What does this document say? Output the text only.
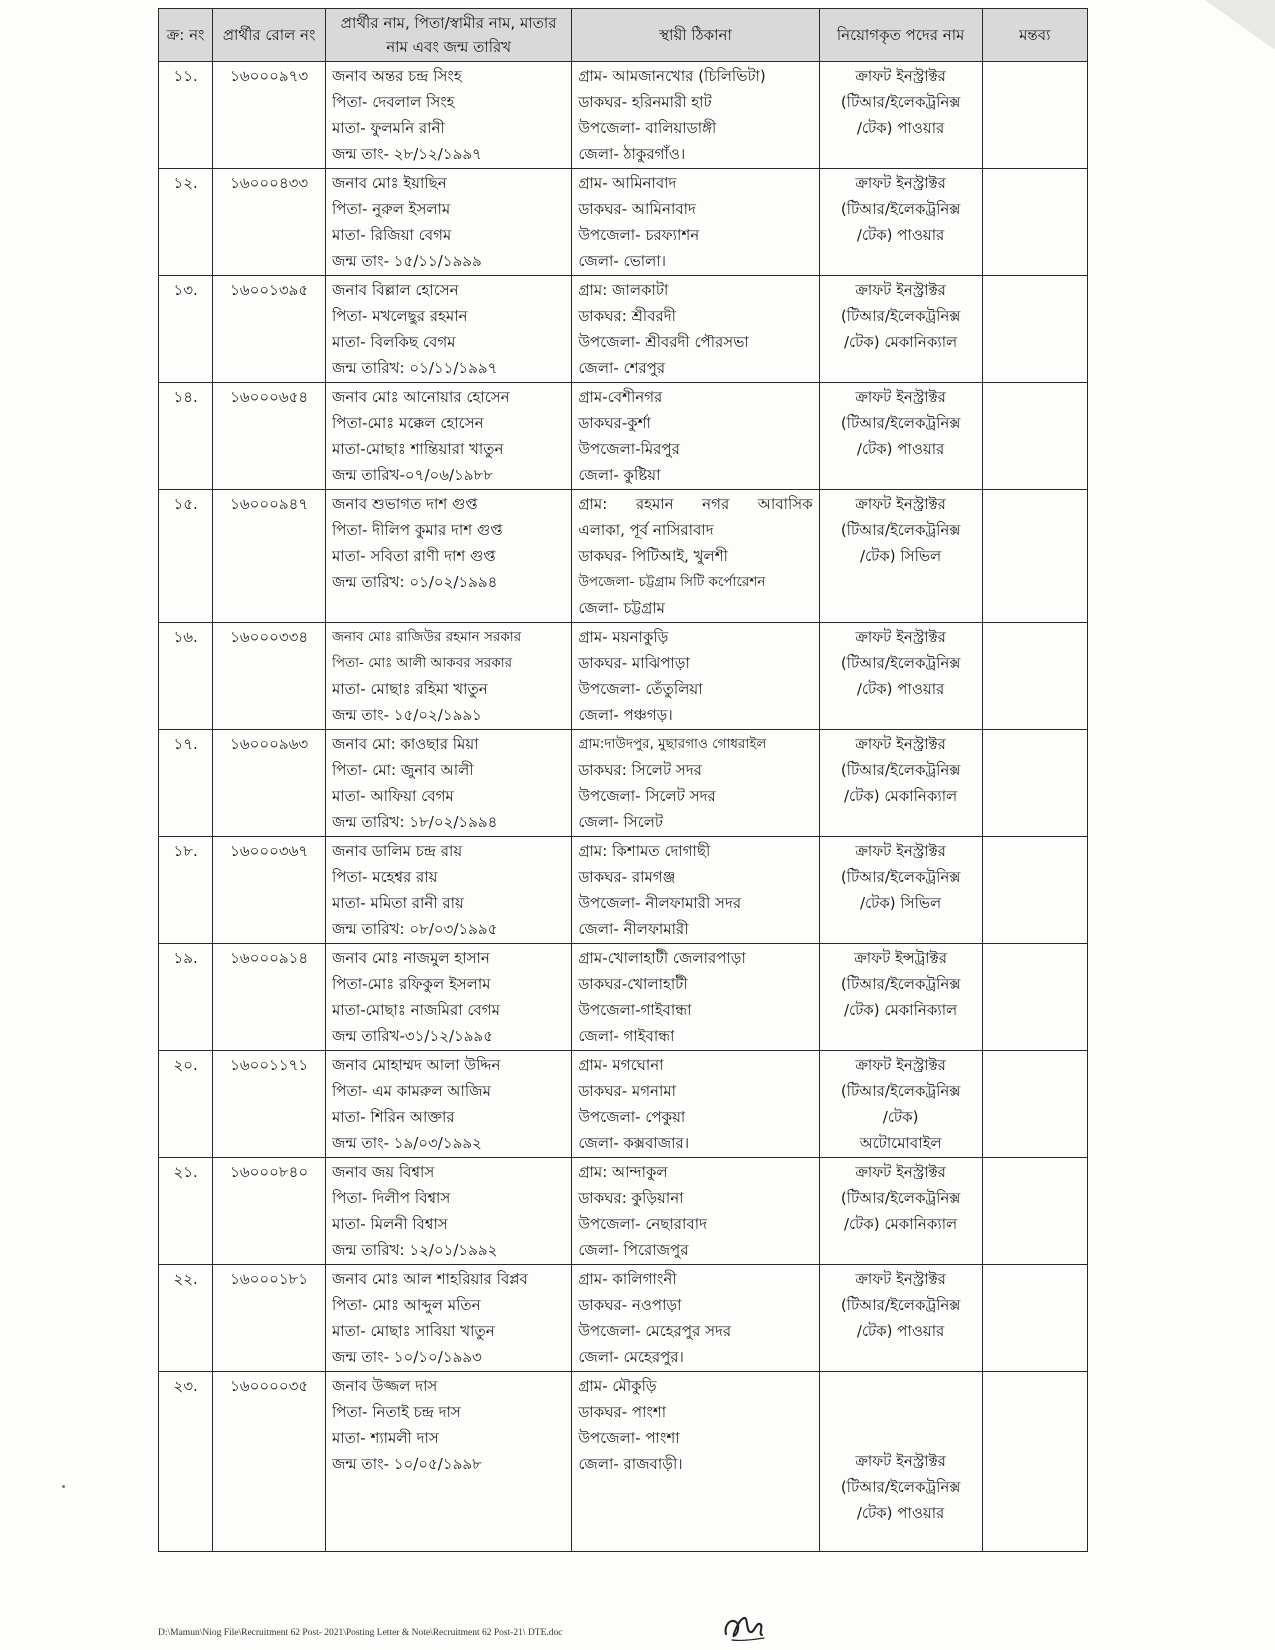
ক্র: নং	প্রার্থীর রোল নং	প্রার্থীর নাম, পিতা/স্বামীর নাম, মাতার নাম এবং জন্ম তারিখ	স্থায়ী ঠিকানা	নিয়োগকৃত পদের নাম	মন্তব্য
১১.	১৬০০০৯৭৩	জনাব অন্তর চন্দ্র সিংহ
পিতা- দেবলাল সিংহ
মাতা- ফুলমনি রানী
জন্ম তাং- ২৮/১২/১৯৯৭	গ্রাম- আমজানখোর (চিলিভিটা)
ডাকঘর- হরিনমারী হাট
উপজেলা- বালিয়াডাঙ্গী
জেলা- ঠাকুরগাঁও।	ক্রাফট ইনস্ট্রাক্টর
(টিআর/ইলেকট্রনিক্স
/টেক) পাওয়ার	

১২.	১৬০০০৪৩৩	জনাব মোঃ ইয়াছিন
পিতা- নুরুল ইসলাম
মাতা- রিজিয়া বেগম
জন্ম তাং- ১৫/১১/১৯৯৯	গ্রাম- আমিনাবাদ
ডাকঘর- আমিনাবাদ
উপজেলা- চরফ্যাশন
জেলা- ভোলা।	ক্রাফট ইনস্ট্রাক্টর
(টিআর/ইলেকট্রনিক্স
/টেক) পাওয়ার	

১৩.	১৬০০১৩৯৫	জনাব বিল্লাল হোসেন
পিতা- মখলেছুর রহমান
মাতা- বিলকিছ বেগম
জন্ম তারিখ: ০১/১১/১৯৯৭	গ্রাম: জালকাটা
ডাকঘর: শ্রীবরদী
উপজেলা- শ্রীবরদী পৌরসভা
জেলা- শেরপুর	ক্রাফট ইনস্ট্রাক্টর
(টিআর/ইলেকট্রনিক্স
/টেক) মেকানিক্যাল	

১৪.	১৬০০০৬৫৪	জনাব মোঃ আনোয়ার হোসেন
পিতা-মোঃ মক্কেল হোসেন
মাতা-মোছাঃ শান্তিয়ারা খাতুন
জন্ম তারিখ-০৭/০৬/১৯৮৮	গ্রাম-বেশীনগর
ডাকঘর-কুর্শা
উপজেলা-মিরপুর
জেলা- কুষ্টিয়া	ক্রাফট ইনস্ট্রাক্টর
(টিআর/ইলেকট্রনিক্স
/টেক) পাওয়ার	

১৫.	১৬০০০৯৪৭	জনাব শুভাগত দাশ গুপ্ত
পিতা- দীলিপ কুমার দাশ গুপ্ত
মাতা- সবিতা রাণী দাশ গুপ্ত
জন্ম তারিখ: ০১/০২/১৯৯৪	গ্রাম: রহমান নগর আবাসিক
এলাকা, পূর্ব নাসিরাবাদ
ডাকঘর- পিটিআই, খুলশী
উপজেলা- চট্টগ্রাম সিটি কর্পোরেশন
জেলা- চট্টগ্রাম	ক্রাফট ইনস্ট্রাক্টর
(টিআর/ইলেকট্রনিক্স
/টেক) সিভিল	

১৬.	১৬০০০৩৩৪	জনাব মোঃ রাজিউর রহমান সরকার
পিতা- মোঃ আলী আকবর সরকার
মাতা- মোছাঃ রহিমা খাতুন
জন্ম তাং- ১৫/০২/১৯৯১	গ্রাম- ময়নাকুড়ি
ডাকঘর- মাঝিপাড়া
উপজেলা- তেঁতুলিয়া
জেলা- পঞ্চগড়।	ক্রাফট ইনস্ট্রাক্টর
(টিআর/ইলেকট্রনিক্স
/টেক) পাওয়ার	

১৭.	১৬০০০৯৬৩	জনাব মো: কাওছার মিয়া
পিতা- মো: জুনাব আলী
মাতা- আফিয়া বেগম
জন্ম তারিখ: ১৮/০২/১৯৯৪	গ্রাম:দাউদপুর, মুছারগাও গোধরাইল
ডাকঘর: সিলেট সদর
উপজেলা- সিলেট সদর
জেলা- সিলেট	ক্রাফট ইনস্ট্রাক্টর
(টিআর/ইলেকট্রনিক্স
/টেক) মেকানিক্যাল	

১৮.	১৬০০০৩৬৭	জনাব ডালিম চন্দ্র রায়
পিতা- মহেশ্বর রায়
মাতা- মমিতা রানী রায়
জন্ম তারিখ: ০৮/০৩/১৯৯৫	গ্রাম: কিশামত দোগাছী
ডাকঘর- রামগঞ্জ
উপজেলা- নীলফামারী সদর
জেলা- নীলফামারী	ক্রাফট ইনস্ট্রাক্টর
(টিআর/ইলেকট্রনিক্স
/টেক) সিভিল	

১৯.	১৬০০০৯১৪	জনাব মোঃ নাজমুল হাসান
পিতা-মোঃ রফিকুল ইসলাম
মাতা-মোছাঃ নাজমিরা বেগম
জন্ম তারিখ-৩১/১২/১৯৯৫	গ্রাম-খোলাহাটী জেলারপাড়া
ডাকঘর-খোলাহাটী
উপজেলা-গাইবান্ধা
জেলা- গাইবান্ধা	ক্রাফট ইন্সট্রাক্টর
(টিআর/ইলেকট্রনিক্স
/টেক) মেকানিক্যাল	

২০.	১৬০০১১৭১	জনাব মোহাম্মদ আলা উদ্দিন
পিতা- এম কামরুল আজিম
মাতা- শিরিন আক্তার
জন্ম তাং- ১৯/০৩/১৯৯২	গ্রাম- মগঘোনা
ডাকঘর- মগনামা
উপজেলা- পেকুয়া
জেলা- কক্সবাজার।	ক্রাফট ইনস্ট্রাক্টর
(টিআর/ইলেকট্রনিক্স
/টেক)
অটোমোবাইল	

২১.	১৬০০০৮৪০	জনাব জয় বিশ্বাস
পিতা- দিলীপ বিশ্বাস
মাতা- মিলনী বিশ্বাস
জন্ম তারিখ: ১২/০১/১৯৯২	গ্রাম: আন্দাকুল
ডাকঘর: কুড়িয়ানা
উপজেলা- নেছারাবাদ
জেলা- পিরোজপুর	ক্রাফট ইনস্ট্রাক্টর
(টিআর/ইলেকট্রনিক্স
/টেক) মেকানিক্যাল	

২২.	১৬০০০১৮১	জনাব মোঃ আল শাহরিয়ার বিপ্লব
পিতা- মোঃ আব্দুল মতিন
মাতা- মোছাঃ সাবিয়া খাতুন
জন্ম তাং- ১০/১০/১৯৯৩	গ্রাম- কালিগাংনী
ডাকঘর- নওপাড়া
উপজেলা- মেহেরপুর সদর
জেলা- মেহেরপুর।	ক্রাফট ইনস্ট্রাক্টর
(টিআর/ইলেকট্রনিক্স
/টেক) পাওয়ার	

২৩.	১৬০০০০৩৫	জনাব উজ্জল দাস
পিতা- নিতাই চন্দ্র দাস
মাতা- শ্যামলী দাস
জন্ম তাং- ১০/০৫/১৯৯৮	গ্রাম- মৌকুড়ি
ডাকঘর- পাংশা
উপজেলা- পাংশা
জেলা- রাজবাড়ী।	ক্রাফট ইনস্ট্রাক্টর
(টিআর/ইলেকট্রনিক্স
/টেক) পাওয়ার	

D:\Mamun\Niog File\Recruitment 62 Post- 2021\Posting Letter & Note\Recruitment 62 Post-21\ DTE.doc
